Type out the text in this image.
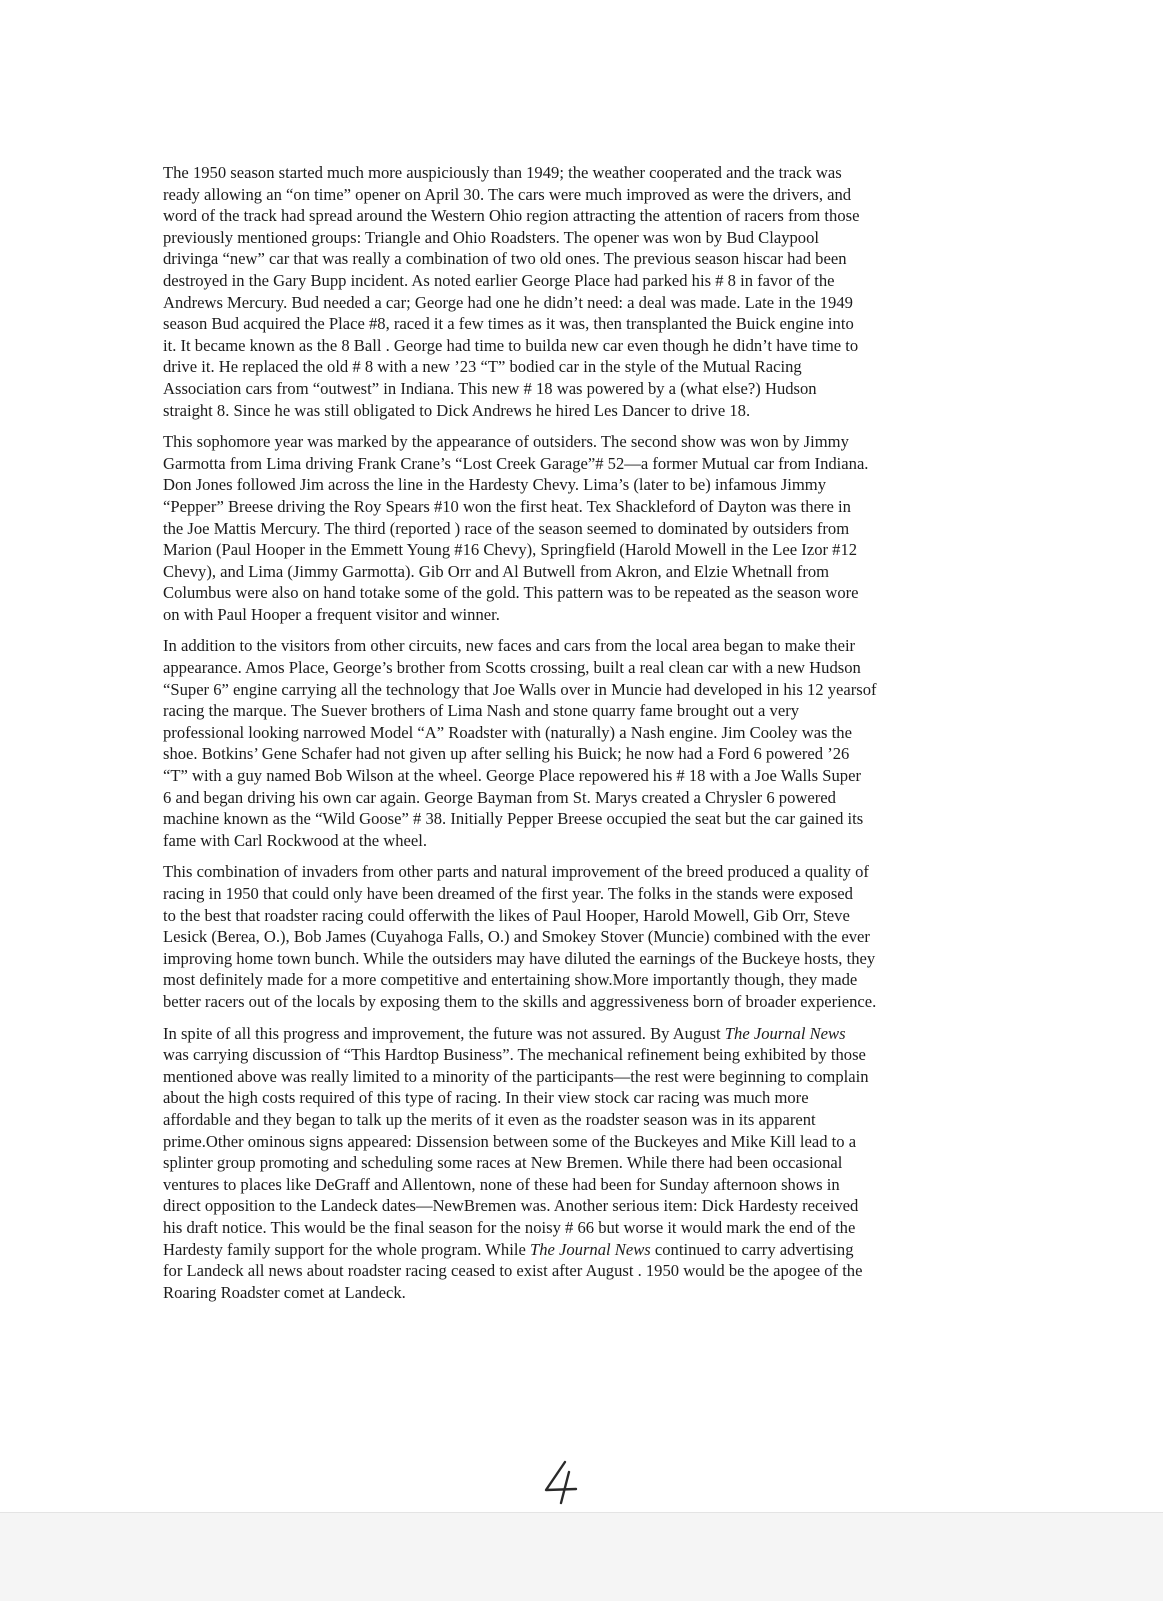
The 1950 season started much more auspiciously than 1949; the weather cooperated and the track was
ready allowing an “on time” opener on April 30. The cars were much improved as were the drivers, and
word of the track had spread around the Western Ohio region attracting the attention of racers from those
previously mentioned groups: Triangle and Ohio Roadsters. The opener was won by Bud Claypool
drivinga “new” car that was really a combination of two old ones. The previous season hiscar had been
destroyed in the Gary Bupp incident. As noted earlier George Place had parked his # 8 in favor of the
Andrews Mercury. Bud needed a car; George had one he didn’t need: a deal was made. Late in the 1949
season Bud acquired the Place #8, raced it a few times as it was, then transplanted the Buick engine into
it. It became known as the 8 Ball . George had time to builda new car even though he didn’t have time to
drive it. He replaced the old # 8 with a new ’23 “T” bodied car in the style of the Mutual Racing
Association cars from “outwest” in Indiana. This new # 18 was powered by a (what else?) Hudson
straight 8. Since he was still obligated to Dick Andrews he hired Les Dancer to drive 18.
This sophomore year was marked by the appearance of outsiders. The second show was won by Jimmy
Garmotta from Lima driving Frank Crane’s “Lost Creek Garage”# 52—a former Mutual car from Indiana.
Don Jones followed Jim across the line in the Hardesty Chevy. Lima’s (later to be) infamous Jimmy
“Pepper” Breese driving the Roy Spears #10 won the first heat. Tex Shackleford of Dayton was there in
the Joe Mattis Mercury. The third (reported ) race of the season seemed to dominated by outsiders from
Marion (Paul Hooper in the Emmett Young #16 Chevy), Springfield (Harold Mowell in the Lee Izor #12
Chevy), and Lima (Jimmy Garmotta). Gib Orr and Al Butwell from Akron, and Elzie Whetnall from
Columbus were also on hand totake some of the gold. This pattern was to be repeated as the season wore
on with Paul Hooper a frequent visitor and winner.
In addition to the visitors from other circuits, new faces and cars from the local area began to make their
appearance. Amos Place, George’s brother from Scotts crossing, built a real clean car with a new Hudson
“Super 6” engine carrying all the technology that Joe Walls over in Muncie had developed in his 12 yearsof
racing the marque. The Suever brothers of Lima Nash and stone quarry fame brought out a very
professional looking narrowed Model “A” Roadster with (naturally) a Nash engine. Jim Cooley was the
shoe. Botkins’ Gene Schafer had not given up after selling his Buick; he now had a Ford 6 powered ’26
“T” with a guy named Bob Wilson at the wheel. George Place repowered his # 18 with a Joe Walls Super
6 and began driving his own car again. George Bayman from St. Marys created a Chrysler 6 powered
machine known as the “Wild Goose” # 38. Initially Pepper Breese occupied the seat but the car gained its
fame with Carl Rockwood at the wheel.
This combination of invaders from other parts and natural improvement of the breed produced a quality of
racing in 1950 that could only have been dreamed of the first year. The folks in the stands were exposed
to the best that roadster racing could offerwith the likes of Paul Hooper, Harold Mowell, Gib Orr, Steve
Lesick (Berea, O.), Bob James (Cuyahoga Falls, O.) and Smokey Stover (Muncie) combined with the ever
improving home town bunch. While the outsiders may have diluted the earnings of the Buckeye hosts, they
most definitely made for a more competitive and entertaining show.More importantly though, they made
better racers out of the locals by exposing them to the skills and aggressiveness born of broader experience.
In spite of all this progress and improvement, the future was not assured. By August The Journal News
was carrying discussion of “This Hardtop Business”. The mechanical refinement being exhibited by those
mentioned above was really limited to a minority of the participants—the rest were beginning to complain
about the high costs required of this type of racing. In their view stock car racing was much more
affordable and they began to talk up the merits of it even as the roadster season was in its apparent
prime.Other ominous signs appeared: Dissension between some of the Buckeyes and Mike Kill lead to a
splinter group promoting and scheduling some races at New Bremen. While there had been occasional
ventures to places like DeGraff and Allentown, none of these had been for Sunday afternoon shows in
direct opposition to the Landeck dates—NewBremen was. Another serious item: Dick Hardesty received
his draft notice. This would be the final season for the noisy # 66 but worse it would mark the end of the
Hardesty family support for the whole program. While The Journal News continued to carry advertising
for Landeck all news about roadster racing ceased to exist after August . 1950 would be the apogee of the
Roaring Roadster comet at Landeck.
